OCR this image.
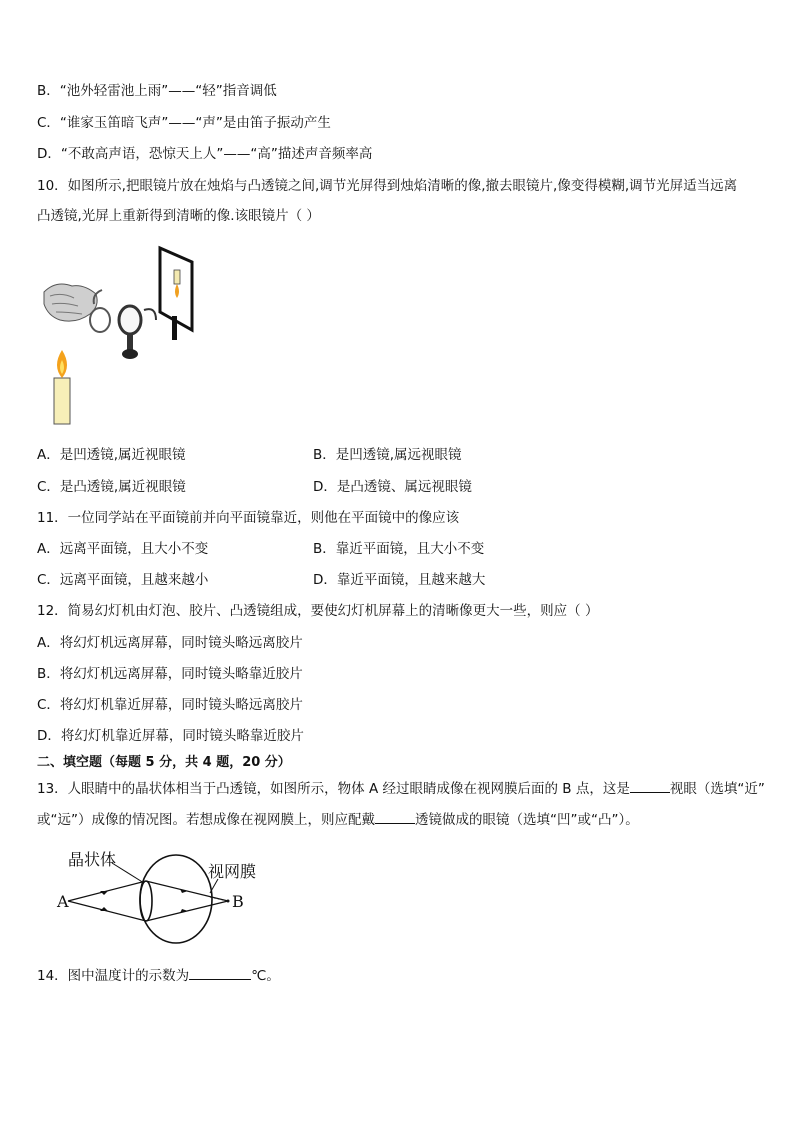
B．“池外轻雷池上雨”——“轻”指音调低
C．“谁家玉笛暗飞声”——“声”是由笛子振动产生
D．“不敢高声语，恐惊天上人”——“高”描述声音频率高
10．如图所示,把眼镜片放在烛焰与凸透镜之间,调节光屏得到烛焰清晰的像,撤去眼镜片,像变得模糊,调节光屏适当远离
凸透镜,光屏上重新得到清晰的像.该眼镜片（ ）
A．是凹透镜,属近视眼镜	B．是凹透镜,属远视眼镜
C．是凸透镜,属近视眼镜	D．是凸透镜、属远视眼镜
11．一位同学站在平面镜前并向平面镜靠近，则他在平面镜中的像应该
A．远离平面镜，且大小不变	B．靠近平面镜，且大小不变
C．远离平面镜，且越来越小	D．靠近平面镜，且越来越大
12．简易幻灯机由灯泡、胶片、凸透镜组成，要使幻灯机屏幕上的清晰像更大一些，则应（ ）
A．将幻灯机远离屏幕，同时镜头略远离胶片
B．将幻灯机远离屏幕，同时镜头略靠近胶片
C．将幻灯机靠近屏幕，同时镜头略远离胶片
D．将幻灯机靠近屏幕，同时镜头略靠近胶片
二、填空题（每题 5 分，共 4 题，20 分）
13．人眼睛中的晶状体相当于凸透镜，如图所示，物体 A 经过眼睛成像在视网膜后面的 B 点，这是	视眼（选填“近”
或“远”）成像的情况图。若想成像在视网膜上，则应配戴	透镜做成的眼镜（选填“凹”或“凸”）。
晶状体
视网膜
A	B
14．图中温度计的示数为	℃。
